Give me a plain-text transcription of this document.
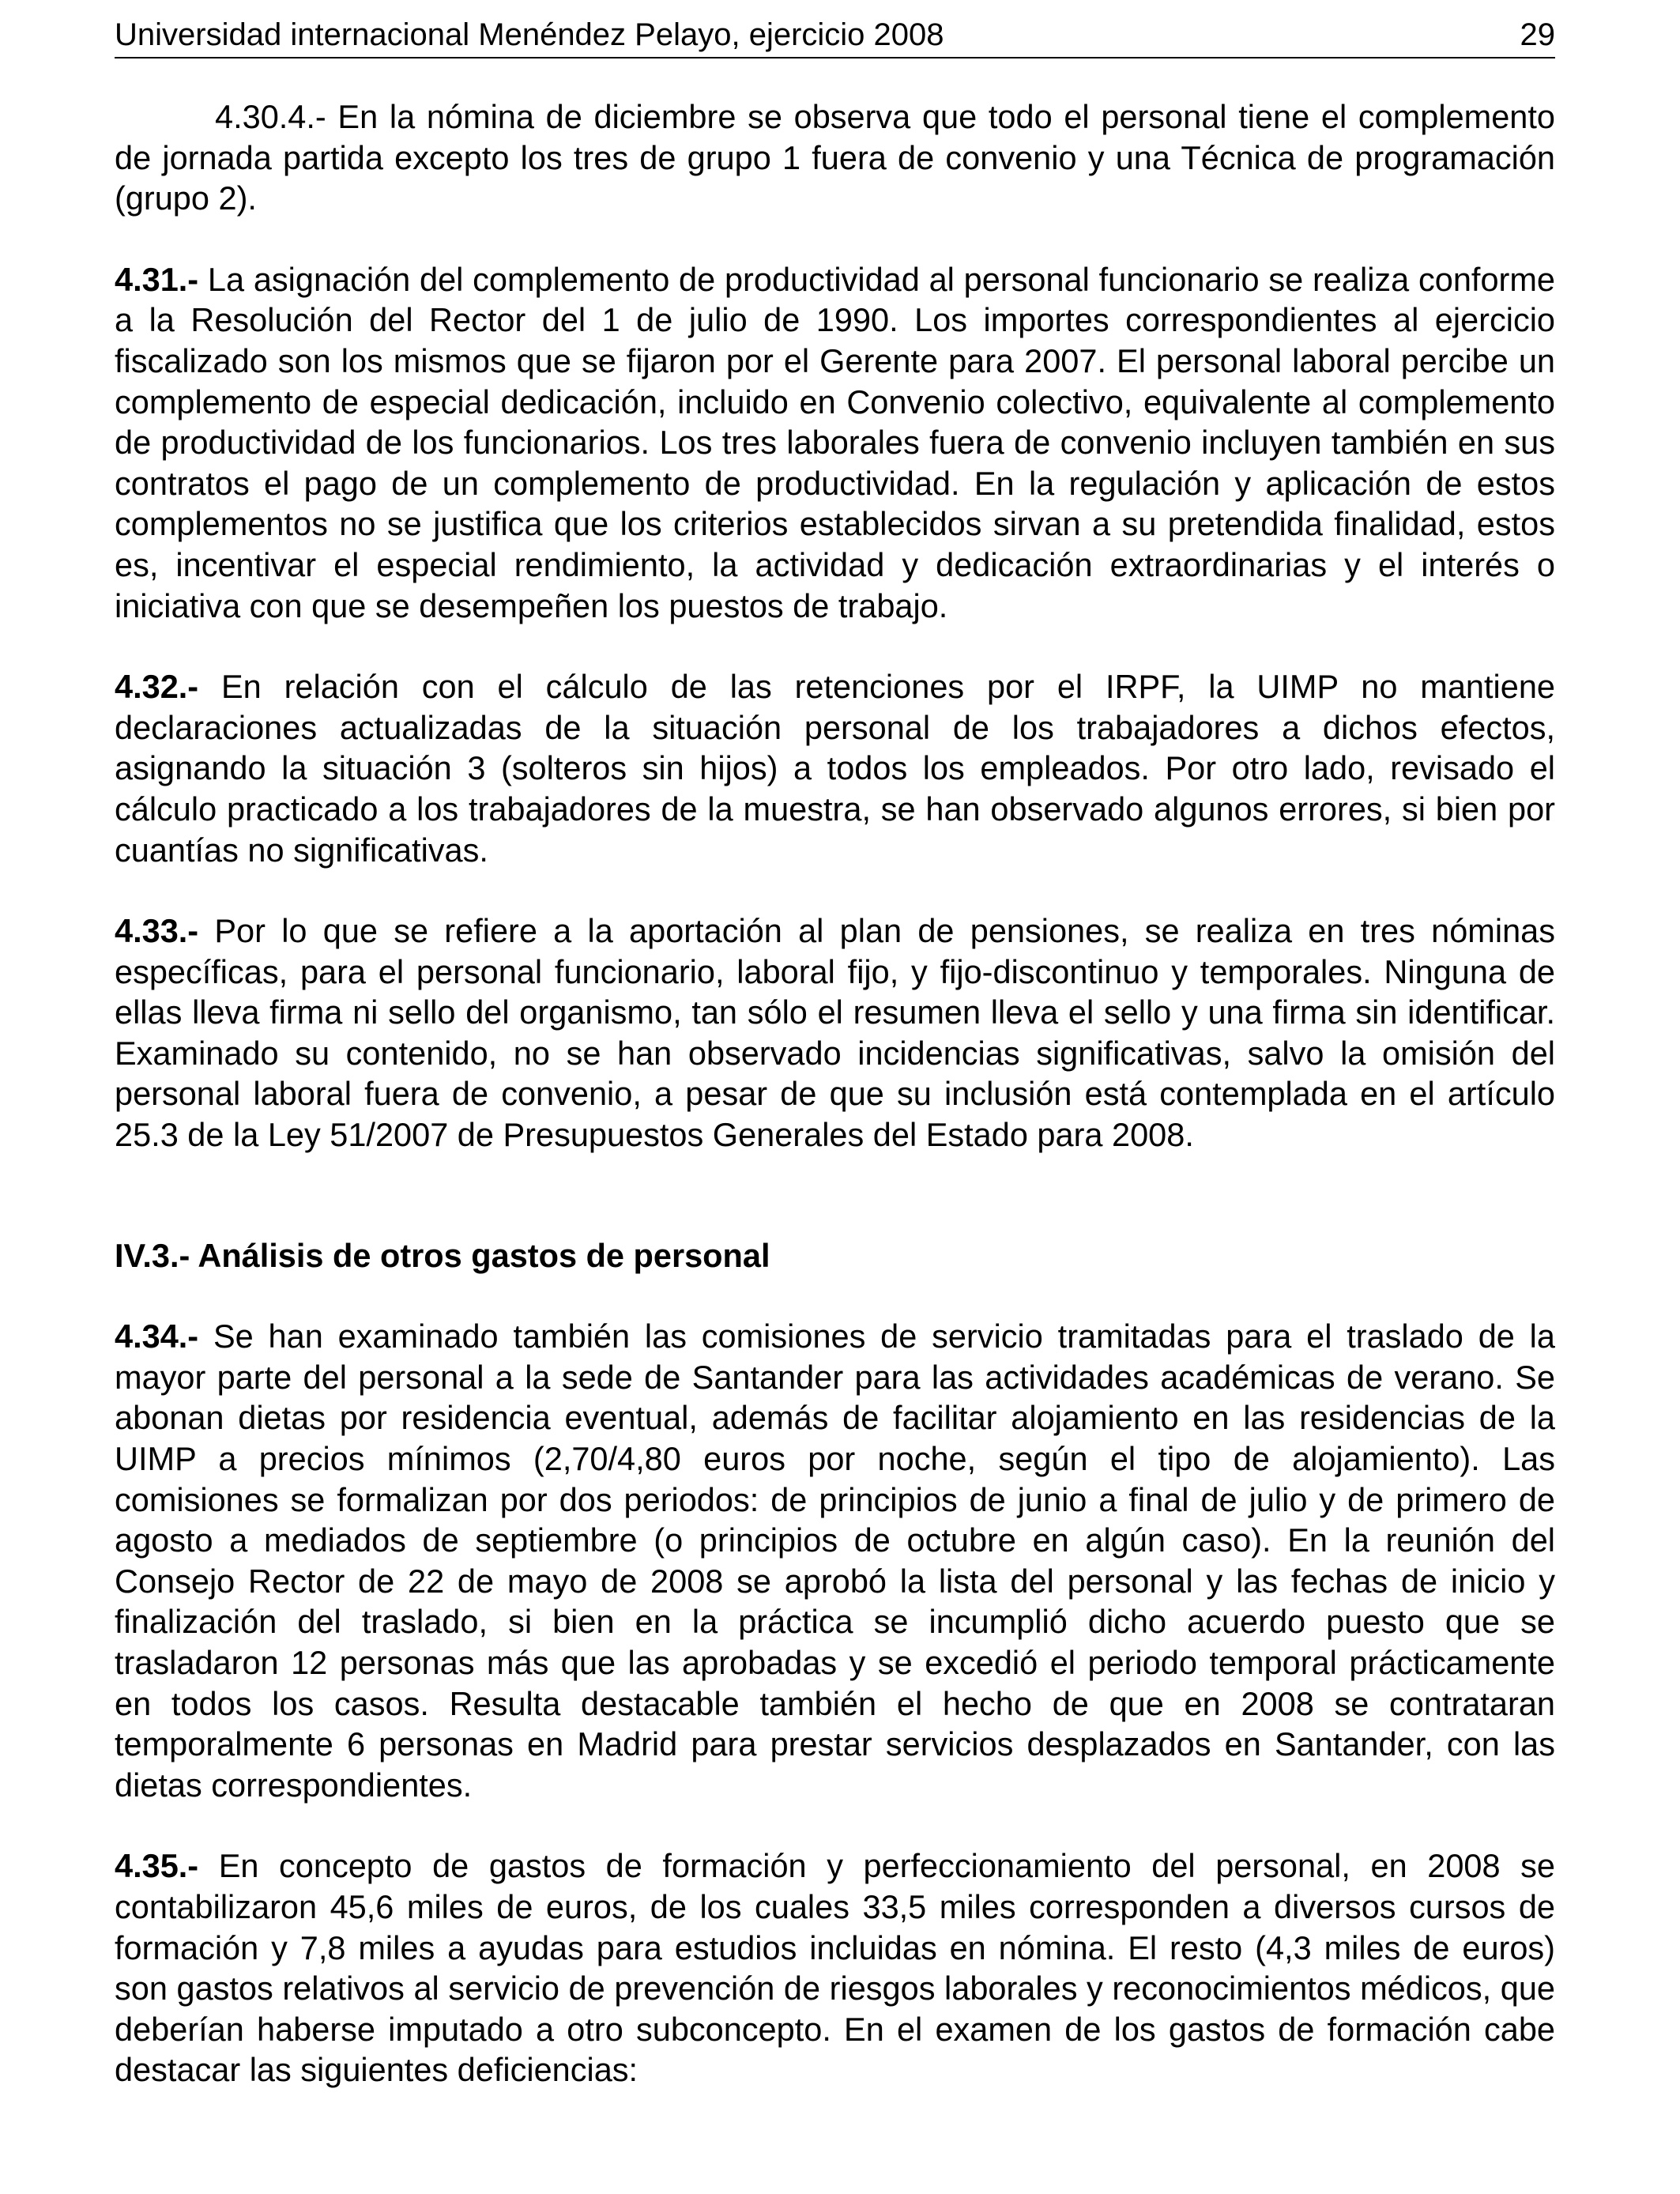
Universidad internacional Menéndez Pelayo, ejercicio 2008	29

4.30.4.- En la nómina de diciembre se observa que todo el personal tiene el complemento de jornada partida excepto los tres de grupo 1 fuera de convenio y una Técnica de programación (grupo 2).

4.31.- La asignación del complemento de productividad al personal funcionario se realiza conforme a la Resolución del Rector del 1 de julio de 1990. Los importes correspondientes al ejercicio fiscalizado son los mismos que se fijaron por el Gerente para 2007. El personal laboral percibe un complemento de especial dedicación, incluido en Convenio colectivo, equivalente al complemento de productividad de los funcionarios. Los tres laborales fuera de convenio incluyen también en sus contratos el pago de un complemento de productividad. En la regulación y aplicación de estos complementos no se justifica que los criterios establecidos sirvan a su pretendida finalidad, estos es, incentivar el especial rendimiento, la actividad y dedicación extraordinarias y el interés o iniciativa con que se desempeñen los puestos de trabajo.

4.32.- En relación con el cálculo de las retenciones por el IRPF, la UIMP no mantiene declaraciones actualizadas de la situación personal de los trabajadores a dichos efectos, asignando la situación 3 (solteros sin hijos) a todos los empleados. Por otro lado, revisado el cálculo practicado a los trabajadores de la muestra, se han observado algunos errores, si bien por cuantías no significativas.

4.33.- Por lo que se refiere a la aportación al plan de pensiones, se realiza en tres nóminas específicas, para el personal funcionario, laboral fijo, y fijo-discontinuo y temporales. Ninguna de ellas lleva firma ni sello del organismo, tan sólo el resumen lleva el sello y una firma sin identificar. Examinado su contenido, no se han observado incidencias significativas, salvo la omisión del personal laboral fuera de convenio, a pesar de que su inclusión está contemplada en el artículo 25.3 de la Ley 51/2007 de Presupuestos Generales del Estado para 2008.

IV.3.- Análisis de otros gastos de personal

4.34.- Se han examinado también las comisiones de servicio tramitadas para el traslado de la mayor parte del personal a la sede de Santander para las actividades académicas de verano. Se abonan dietas por residencia eventual, además de facilitar alojamiento en las residencias de la UIMP a precios mínimos (2,70/4,80 euros por noche, según el tipo de alojamiento). Las comisiones se formalizan por dos periodos: de principios de junio a final de julio y de primero de agosto a mediados de septiembre (o principios de octubre en algún caso). En la reunión del Consejo Rector de 22 de mayo de 2008 se aprobó la lista del personal y las fechas de inicio y finalización del traslado, si bien en la práctica se incumplió dicho acuerdo puesto que se trasladaron 12 personas más que las aprobadas y se excedió el periodo temporal prácticamente en todos los casos. Resulta destacable también el hecho de que en 2008 se contrataran temporalmente 6 personas en Madrid para prestar servicios desplazados en Santander, con las dietas correspondientes.

4.35.- En concepto de gastos de formación y perfeccionamiento del personal, en 2008 se contabilizaron 45,6 miles de euros, de los cuales 33,5 miles corresponden a diversos cursos de formación y 7,8 miles a ayudas para estudios incluidas en nómina. El resto (4,3 miles de euros) son gastos relativos al servicio de prevención de riesgos laborales y reconocimientos médicos, que deberían haberse imputado a otro subconcepto. En el examen de los gastos de formación cabe destacar las siguientes deficiencias:
